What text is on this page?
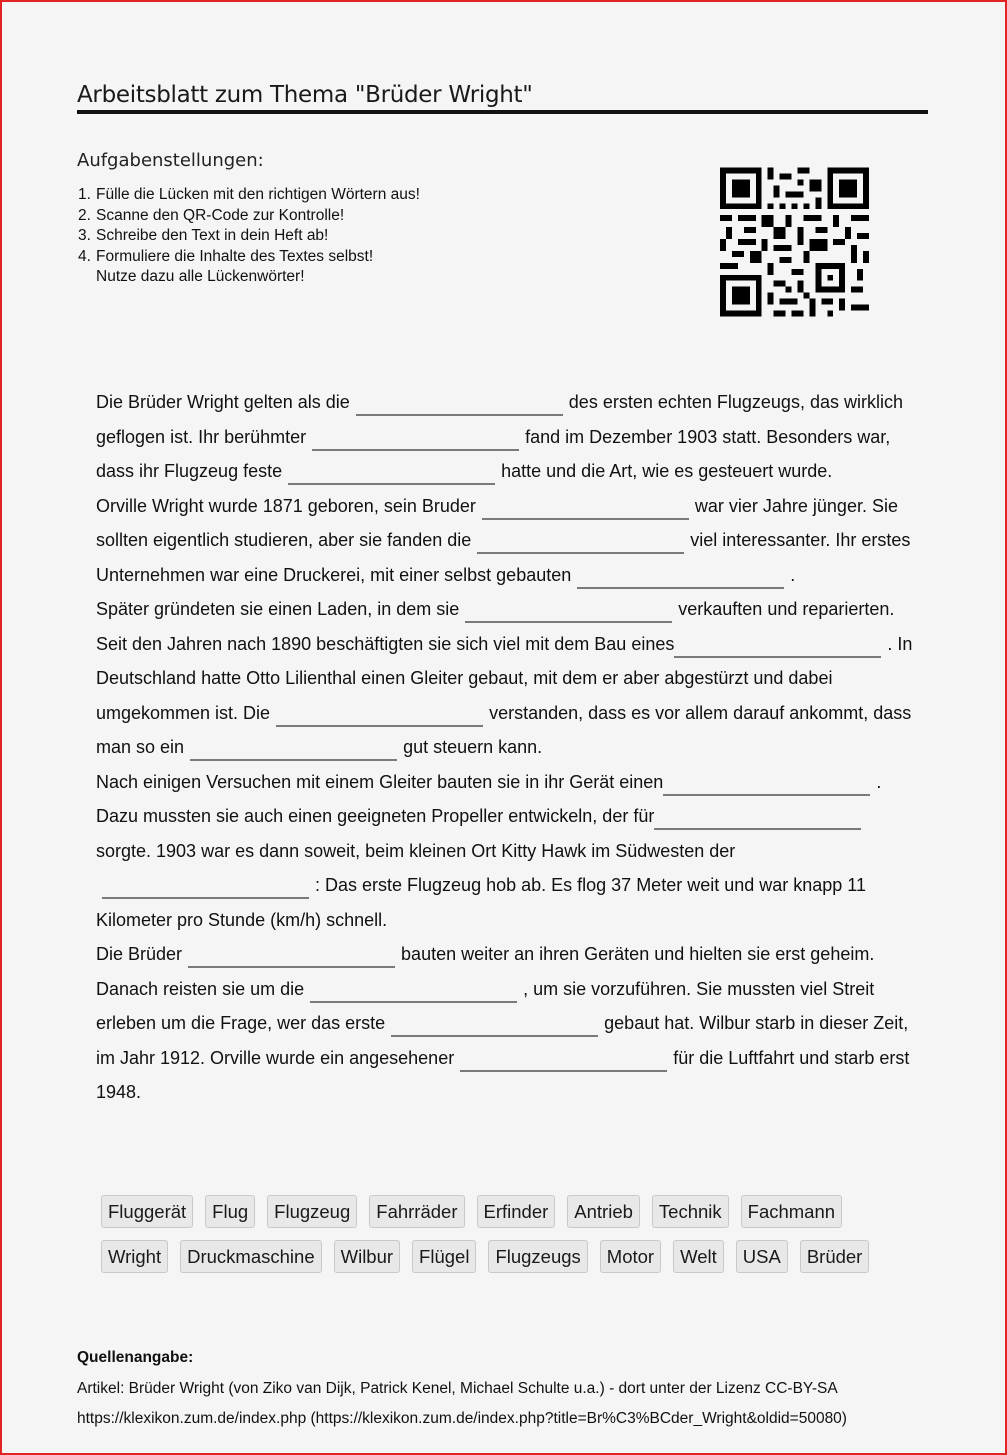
Arbeitsblatt zum Thema "Brüder Wright"
Aufgabenstellungen:
1. Fülle die Lücken mit den richtigen Wörtern aus!
2. Scanne den QR-Code zur Kontrolle!
3. Schreibe den Text in dein Heft ab!
4. Formuliere die Inhalte des Textes selbst!
Nutze dazu alle Lückenwörter!

Die Brüder Wright gelten als die	des ersten echten Flugzeugs, das wirklich geflogen ist. Ihr berühmter	fand im Dezember 1903 statt. Besonders war, dass ihr Flugzeug feste	hatte und die Art, wie es gesteuert wurde.

Orville Wright wurde 1871 geboren, sein Bruder	war vier Jahre jünger. Sie sollten eigentlich studieren, aber sie fanden die	viel interessanter. Ihr erstes Unternehmen war eine Druckerei, mit einer selbst gebauten	.

Später gründeten sie einen Laden, in dem sie	verkauften und reparierten.

Seit den Jahren nach 1890 beschäftigten sie sich viel mit dem Bau eines	. In Deutschland hatte Otto Lilienthal einen Gleiter gebaut, mit dem er aber abgestürzt und dabei umgekommen ist. Die	verstanden, dass es vor allem darauf ankommt, dass man so ein	gut steuern kann.

Nach einigen Versuchen mit einem Gleiter bauten sie in ihr Gerät einen	. Dazu mussten sie auch einen geeigneten Propeller entwickeln, der fürsorgte. 1903 war es dann soweit, beim kleinen Ort Kitty Hawk im Südwesten der: Das erste Flugzeug hob ab. Es flog 37 Meter weit und war knapp 11 Kilometer pro Stunde (km/h) schnell.

Die Brüder	bauten weiter an ihren Geräten und hielten sie erst geheim. Danach reisten sie um die	, um sie vorzuführen. Sie mussten viel Streit erleben um die Frage, wer das erste	gebaut hat. Wilbur starb in dieser Zeit, im Jahr 1912. Orville wurde ein angesehener	für die Luftfahrt und starb erst 1948.

Fluggerät	Flug	Flugzeug	Fahrräder	Erfinder	Antrieb	Technik	Fachmann
Wright	Druckmaschine	Wilbur	Flügel	Flugzeugs	Motor	Welt	USA	Brüder
Quellenangabe:
Artikel: Brüder Wright (von Ziko van Dijk, Patrick Kenel, Michael Schulte u.a.) - dort unter der Lizenz CC-BY-SA
https://klexikon.zum.de/index.php (https://klexikon.zum.de/index.php?title=Br%C3%BCder_Wright&oldid=50080)
